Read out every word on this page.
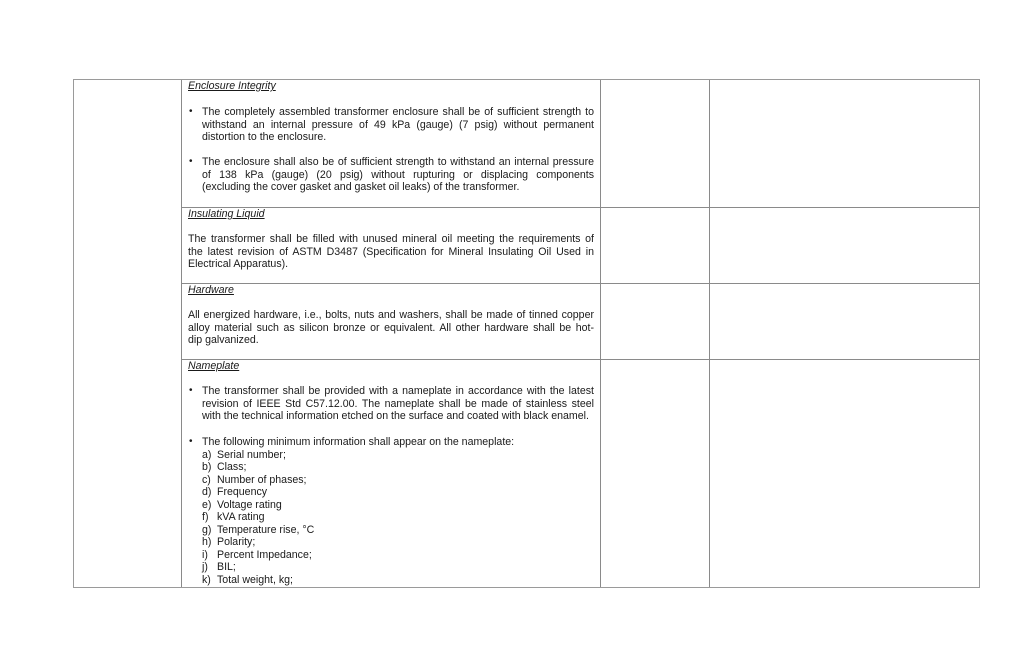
Enclosure Integrity
• The completely assembled transformer enclosure shall be of sufficient strength to
withstand an internal pressure of 49 kPa (gauge) (7 psig) without permanent
distortion to the enclosure.
• The enclosure shall also be of sufficient strength to withstand an internal pressure
of 138 kPa (gauge) (20 psig) without rupturing or displacing components
(excluding the cover gasket and gasket oil leaks) of the transformer.
Insulating Liquid
The transformer shall be filled with unused mineral oil meeting the requirements of
the latest revision of ASTM D3487 (Specification for Mineral Insulating Oil Used in
Electrical Apparatus).
Hardware
All energized hardware, i.e., bolts, nuts and washers, shall be made of tinned copper
alloy material such as silicon bronze or equivalent. All other hardware shall be hot-
dip galvanized.
Nameplate
• The transformer shall be provided with a nameplate in accordance with the latest
revision of IEEE Std C57.12.00. The nameplate shall be made of stainless steel
with the technical information etched on the surface and coated with black enamel.
• The following minimum information shall appear on the nameplate:
a) Serial number;
b) Class;
c) Number of phases;
d) Frequency
e) Voltage rating
f) kVA rating
g) Temperature rise, °C
h) Polarity;
i) Percent Impedance;
j) BIL;
k) Total weight, kg;
